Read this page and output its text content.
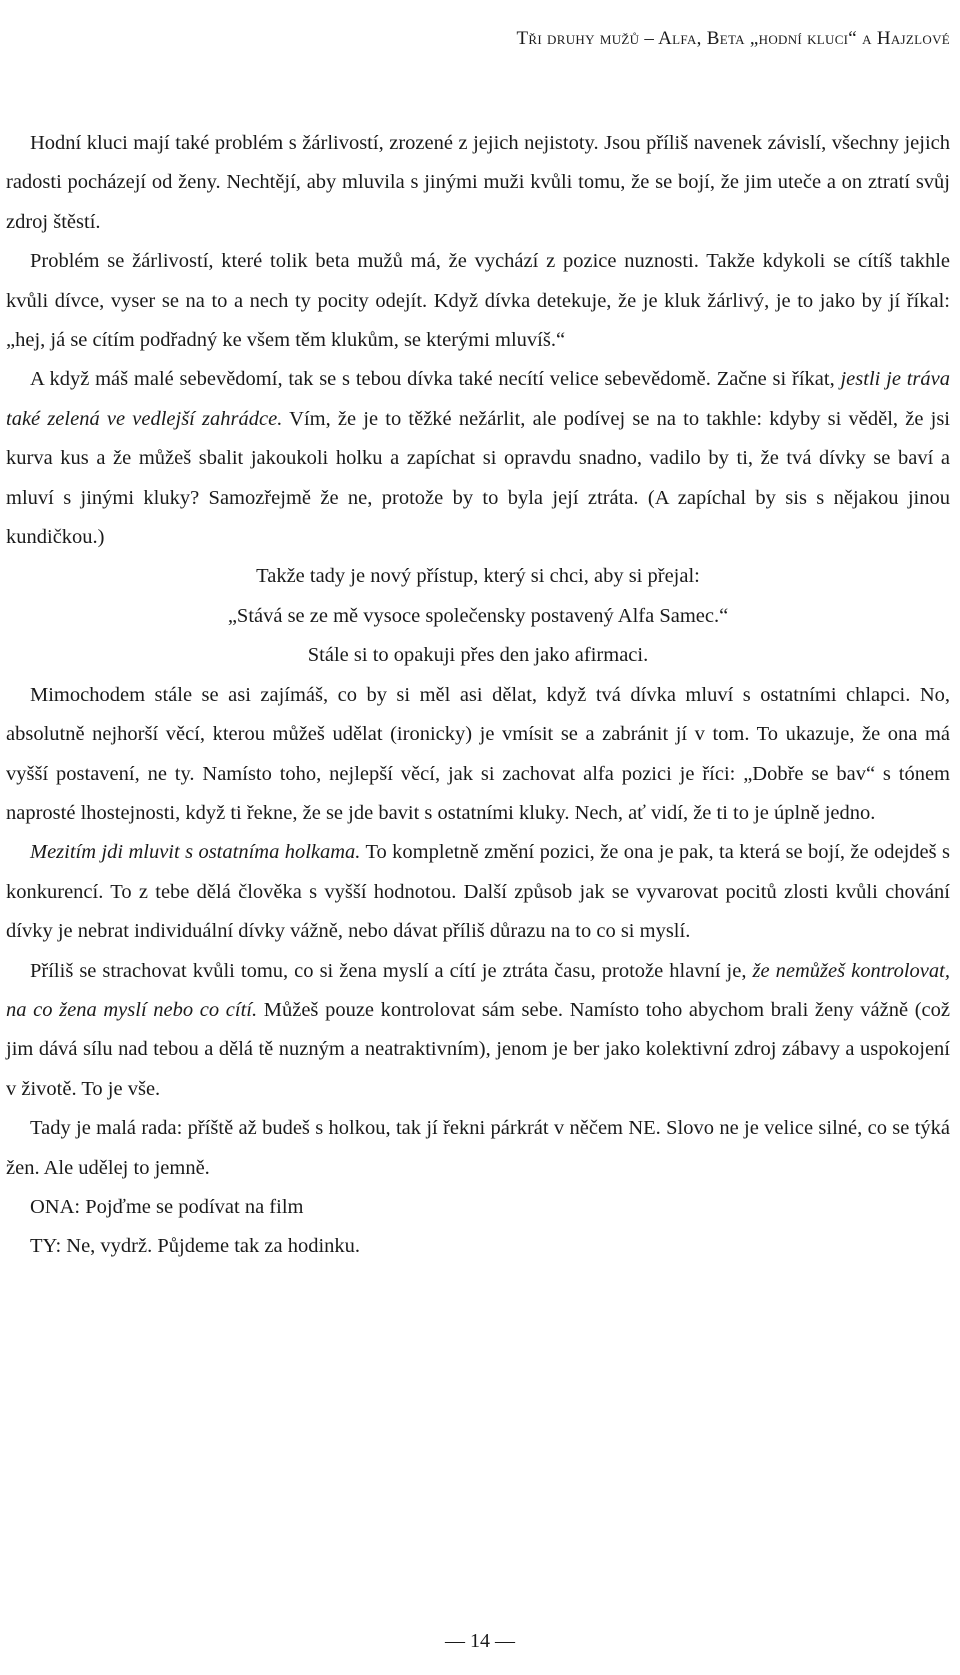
Tři druhy mužů – Alfa, Beta „hodní kluci“ a Hajzlové

Hodní kluci mají také problém s žárlivostí, zrozené z jejich nejistoty. Jsou příliš navenek závislí, všechny jejich radosti pocházejí od ženy. Nechtějí, aby mluvila s jinými muži kvůli tomu, že se bojí, že jim uteče a on ztratí svůj zdroj štěstí.

Problém se žárlivostí, které tolik beta mužů má, že vychází z pozice nuznosti. Takže kdykoli se cítíš takhle kvůli dívce, vyser se na to a nech ty pocity odejít. Když dívka detekuje, že je kluk žárlivý, je to jako by jí říkal: „hej, já se cítím podřadný ke všem těm klukům, se kterými mluvíš.“

A když máš malé sebevědomí, tak se s tebou dívka také necítí velice sebevědomě. Začne si říkat, jestli je tráva také zelená ve vedlejší zahrádce. Vím, že je to těžké nežárlit, ale podívej se na to takhle: kdyby si věděl, že jsi kurva kus a že můžeš sbalit jakoukoli holku a zapíchat si opravdu snadno, vadilo by ti, že tvá dívky se baví a mluví s jinými kluky? Samozřejmě že ne, protože by to byla její ztráta. (A zapíchal by sis s nějakou jinou kundičkou.)

Takže tady je nový přístup, který si chci, aby si přejal:

„Stává se ze mě vysoce společensky postavený Alfa Samec.“

Stále si to opakuji přes den jako afirmaci.

Mimochodem stále se asi zajímáš, co by si měl asi dělat, když tvá dívka mluví s ostatními chlapci. No, absolutně nejhorší věcí, kterou můžeš udělat (ironicky) je vmísit se a zabránit jí v tom. To ukazuje, že ona má vyšší postavení, ne ty. Namísto toho, nejlepší věcí, jak si zachovat alfa pozici je říci: „Dobře se bav“ s tónem naprosté lhostejnosti, když ti řekne, že se jde bavit s ostatními kluky. Nech, ať vidí, že ti to je úplně jedno.

Mezitím jdi mluvit s ostatníma holkama. To kompletně změní pozici, že ona je pak, ta která se bojí, že odejdeš s konkurencí. To z tebe dělá člověka s vyšší hodnotou. Další způsob jak se vyvarovat pocitů zlosti kvůli chování dívky je nebrat individuální dívky vážně, nebo dávat příliš důrazu na to co si myslí.

Příliš se strachovat kvůli tomu, co si žena myslí a cítí je ztráta času, protože hlavní je, že nemůžeš kontrolovat, na co žena myslí nebo co cítí. Můžeš pouze kontrolovat sám sebe. Namísto toho abychom brali ženy vážně (což jim dává sílu nad tebou a dělá tě nuzným a neatraktivním), jenom je ber jako kolektivní zdroj zábavy a uspokojení v životě. To je vše.

Tady je malá rada: příště až budeš s holkou, tak jí řekni párkrát v něčem NE. Slovo ne je velice silné, co se týká žen. Ale udělej to jemně.

ONA: Pojďme se podívat na film

TY: Ne, vydrž. Půjdeme tak za hodinku.

— 14 —
